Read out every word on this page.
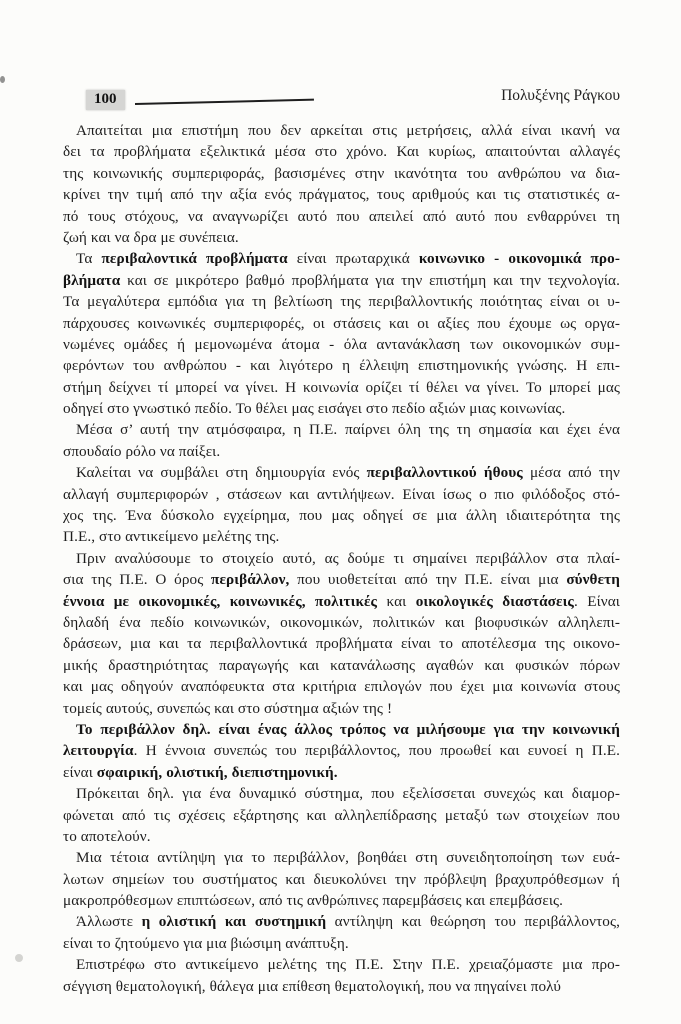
100	Πολυξένης Ράγκου
Απαιτείται μια επιστήμη που δεν αρκείται στις μετρήσεις, αλλά είναι ικανή να
δει τα προβλήματα εξελικτικά μέσα στο χρόνο. Και κυρίως, απαιτούνται αλλαγές
της κοινωνικής συμπεριφοράς, βασισμένες στην ικανότητα του ανθρώπου να δια-
κρίνει την τιμή από την αξία ενός πράγματος, τους αριθμούς και τις στατιστικές α-
πό τους στόχους, να αναγνωρίζει αυτό που απειλεί από αυτό που ενθαρρύνει τη
ζωή και να δρα με συνέπεια.
Τα περιβαλοντικά προβλήματα είναι πρωταρχικά κοινωνικο - οικονομικά προ-
βλήματα και σε μικρότερο βαθμό προβλήματα για την επιστήμη και την τεχνολογία.
Τα μεγαλύτερα εμπόδια για τη βελτίωση της περιβαλλοντικής ποιότητας είναι οι υ-
πάρχουσες κοινωνικές συμπεριφορές, οι στάσεις και οι αξίες που έχουμε ως οργα-
νωμένες ομάδες ή μεμονωμένα άτομα - όλα αντανάκλαση των οικονομικών συμ-
φερόντων του ανθρώπου - και λιγότερο η έλλειψη επιστημονικής γνώσης. Η επι-
στήμη δείχνει τί μπορεί να γίνει. Η κοινωνία ορίζει τί θέλει να γίνει. Το μπορεί μας
οδηγεί στο γνωστικό πεδίο. Το θέλει μας εισάγει στο πεδίο αξιών μιας κοινωνίας.
Μέσα σ’ αυτή την ατμόσφαιρα, η Π.Ε. παίρνει όλη της τη σημασία και έχει ένα
σπουδαίο ρόλο να παίξει.
Καλείται να συμβάλει στη δημιουργία ενός περιβαλλοντικού ήθους μέσα από την
αλλαγή συμπεριφορών , στάσεων και αντιλήψεων. Είναι ίσως ο πιο φιλόδοξος στό-
χος της. Ένα δύσκολο εγχείρημα, που μας οδηγεί σε μια άλλη ιδιαιτερότητα της
Π.Ε., στο αντικείμενο μελέτης της.
Πριν αναλύσουμε το στοιχείο αυτό, ας δούμε τι σημαίνει περιβάλλον στα πλαί-
σια της Π.Ε. Ο όρος περιβάλλον, που υιοθετείται από την Π.Ε. είναι μια σύνθετη
έννοια με οικονομικές, κοινωνικές, πολιτικές και οικολογικές διαστάσεις. Είναι
δηλαδή ένα πεδίο κοινωνικών, οικονομικών, πολιτικών και βιοφυσικών αλληλεπι-
δράσεων, μια και τα περιβαλλοντικά προβλήματα είναι το αποτέλεσμα της οικονο-
μικής δραστηριότητας παραγωγής και κατανάλωσης αγαθών και φυσικών πόρων
και μας οδηγούν αναπόφευκτα στα κριτήρια επιλογών που έχει μια κοινωνία στους
τομείς αυτούς, συνεπώς και στο σύστημα αξιών της !
Το περιβάλλον δηλ. είναι ένας άλλος τρόπος να μιλήσουμε για την κοινωνική
λειτουργία. Η έννοια συνεπώς του περιβάλλοντος, που προωθεί και ευνοεί η Π.Ε.
είναι σφαιρική, ολιστική, διεπιστημονική.
Πρόκειται δηλ. για ένα δυναμικό σύστημα, που εξελίσσεται συνεχώς και διαμορ-
φώνεται από τις σχέσεις εξάρτησης και αλληλεπίδρασης μεταξύ των στοιχείων που
το αποτελούν.
Μια τέτοια αντίληψη για το περιβάλλον, βοηθάει στη συνειδητοποίηση των ευά-
λωτων σημείων του συστήματος και διευκολύνει την πρόβλεψη βραχυπρόθεσμων ή
μακροπρόθεσμων επιπτώσεων, από τις ανθρώπινες παρεμβάσεις και επεμβάσεις.
Άλλωστε η ολιστική και συστημική αντίληψη και θεώρηση του περιβάλλοντος,
είναι το ζητούμενο για μια βιώσιμη ανάπτυξη.
Επιστρέφω στο αντικείμενο μελέτης της Π.Ε. Στην Π.Ε. χρειαζόμαστε μια προ-
σέγγιση θεματολογική, θάλεγα μια επίθεση θεματολογική, που να πηγαίνει πολύ
